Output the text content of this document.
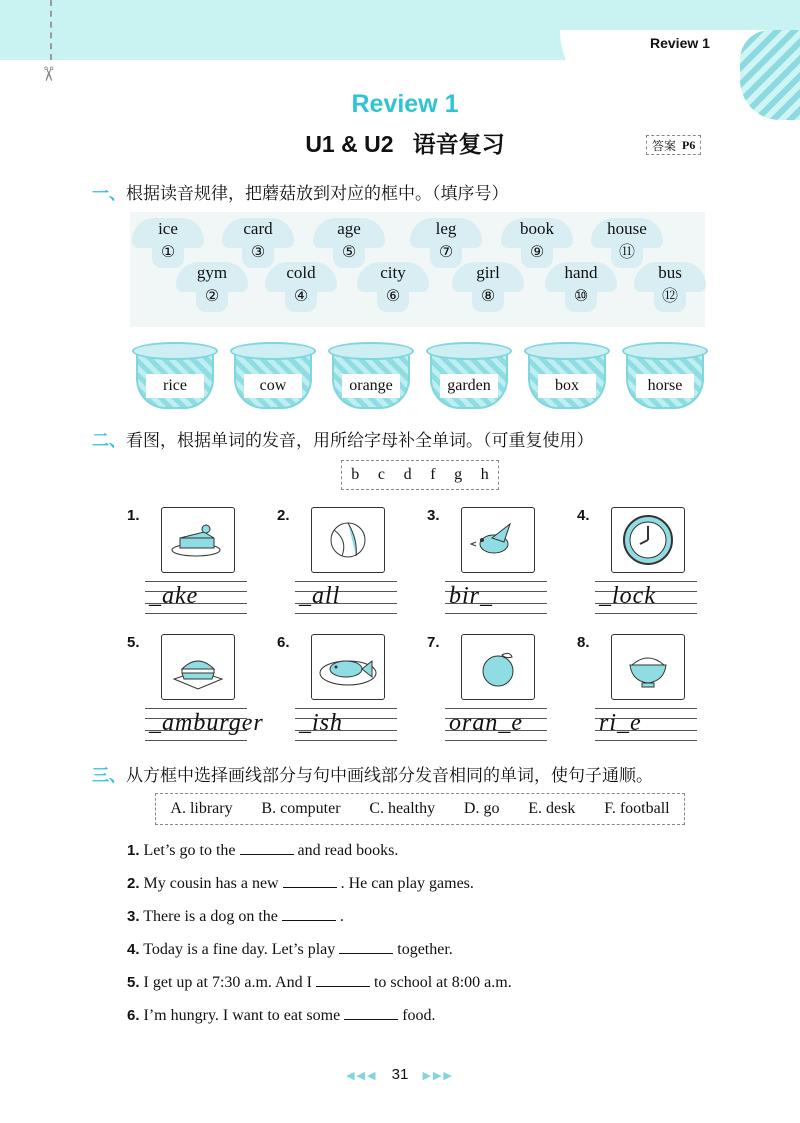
✂
Review 1
Review 1
U1 & U2   语音复习	答案 P6
一、根据读音规律，把蘑菇放到对应的框中。（填序号）
ice
①
gym
②
card
③
cold
④
age
⑤
city
⑥
leg
⑦
girl
⑧
book
⑨
hand
⑩
house
⑪
bus
⑫
rice	cow	orange	garden	box	horse
二、看图，根据单词的发音，用所给字母补全单词。（可重复使用）
b c d f g h
1.
_ake
2.
_all
3.
bir_
4.
_lock
5.
_amburger
6.
_ish
7.
oran_e
8.
ri_e
三、从方框中选择画线部分与句中画线部分发音相同的单词，使句子通顺。
A. library B. computer C. healthy D. go E. desk F. football
1. Let’s go to the	and read books.
2. My cousin has a new	. He can play games.
3. There is a dog on the	.
4. Today is a fine day. Let’s play	together.
5. I get up at 7:30 a.m. And I	to school at 8:00 a.m.
6. I’m hungry. I want to eat some	food.
◀◀◀ 31 ▶▶▶
